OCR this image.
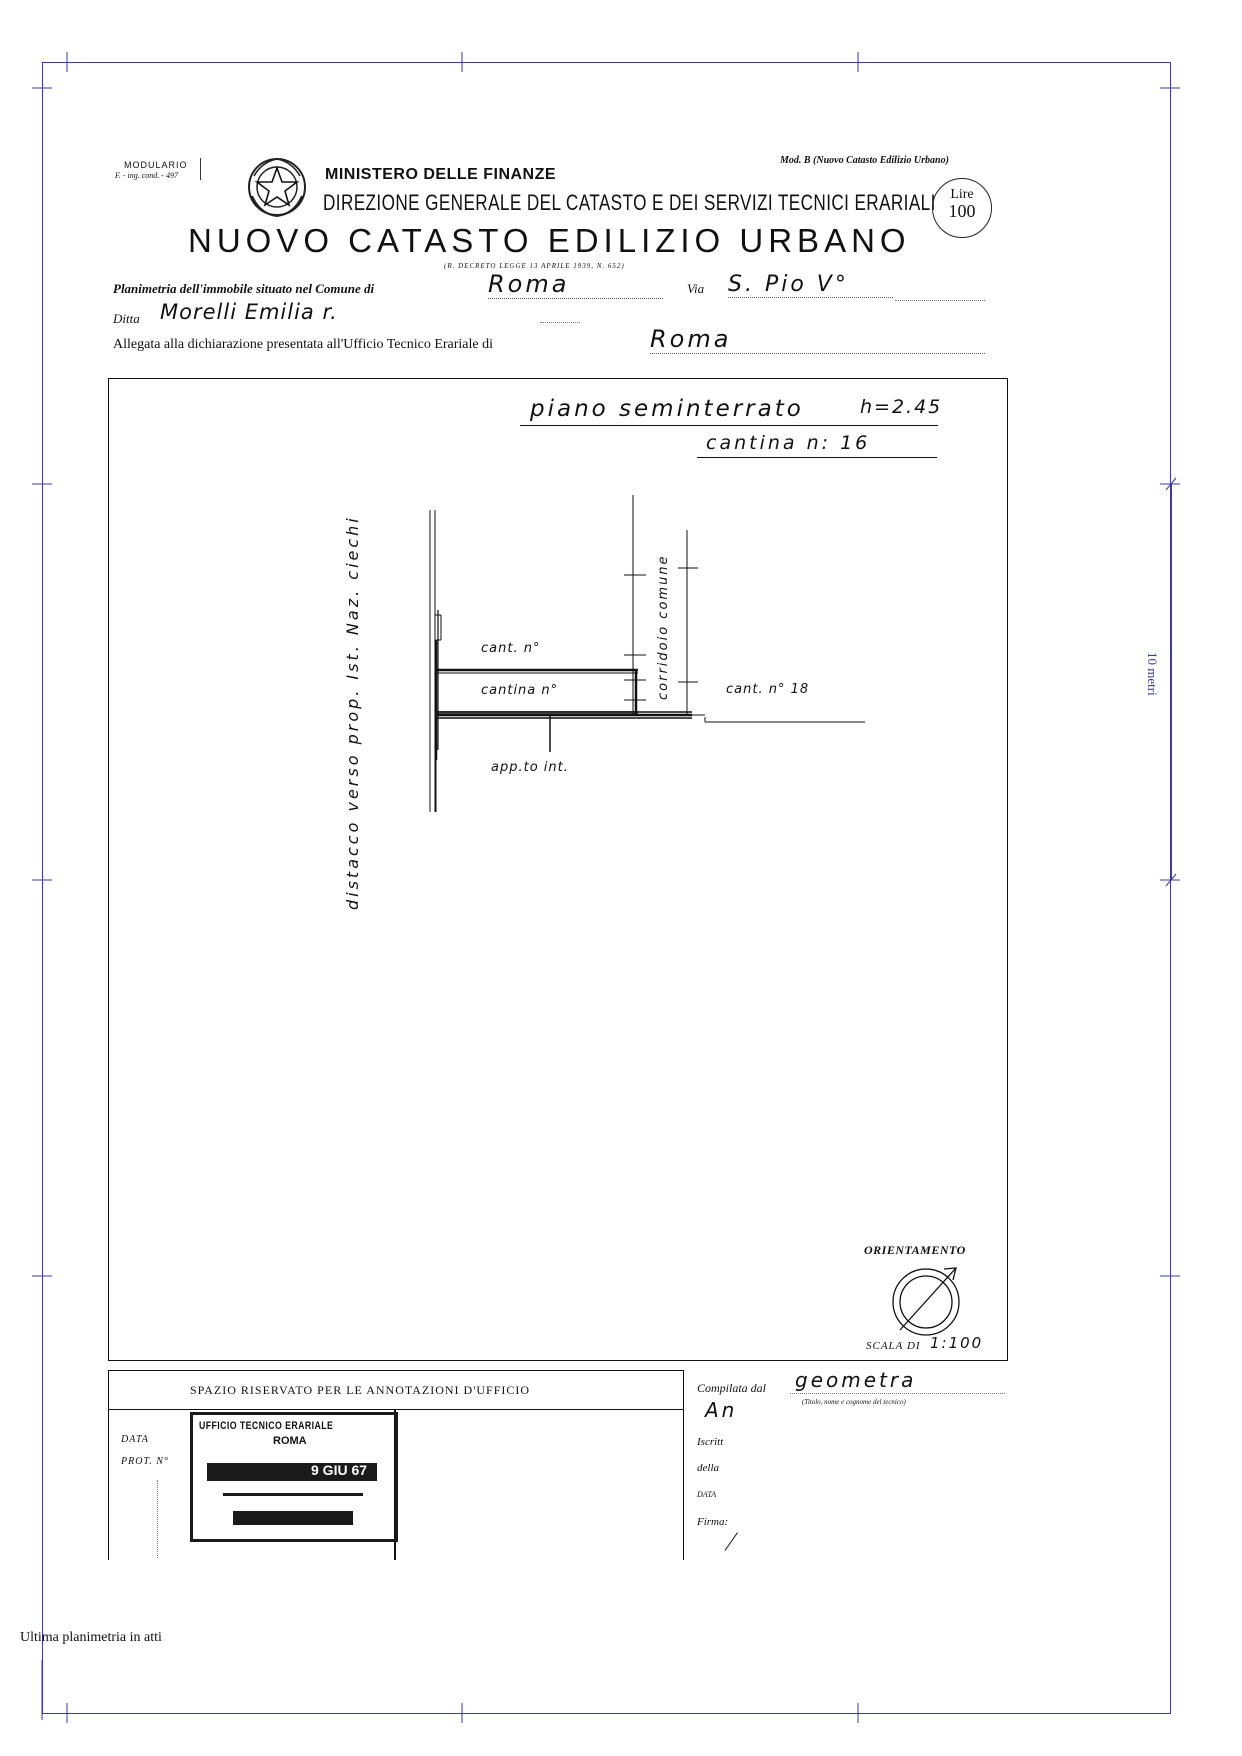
10 metri
Ultima planimetria in atti
MODULARIO
F. - ing. cond. - 497
Mod. B (Nuovo Catasto Edilizio Urbano)
MINISTERO DELLE FINANZE
DIREZIONE GENERALE DEL CATASTO E DEI SERVIZI TECNICI ERARIALI
NUOVO CATASTO EDILIZIO URBANO
(R. DECRETO LEGGE 13 APRILE 1939, N. 652)
Lire
100
Planimetria dell'immobile situato nel Comune di	Roma	Via S. Pio V°
Ditta Morelli Emilia r.
Allegata alla dichiarazione presentata all'Ufficio Tecnico Erariale di	Roma
piano seminterrato	h=2.45
cantina n: 16
distacco verso prop. Ist. Naz. ciechi	corridoio comune
cant. n°
cantina n°	cant. n° 18
app.to int.
ORIENTAMENTO
SCALA DI 1:100
SPAZIO RISERVATO PER LE ANNOTAZIONI D'UFFICIO
DATA
PROT. N°
UFFICIO TECNICO ERARIALE
ROMA
9 GIU 67
Compilata dal geometra
(Titolo, nome e cognome del tecnico)
An
Iscritt
della
DATA
Firma:
